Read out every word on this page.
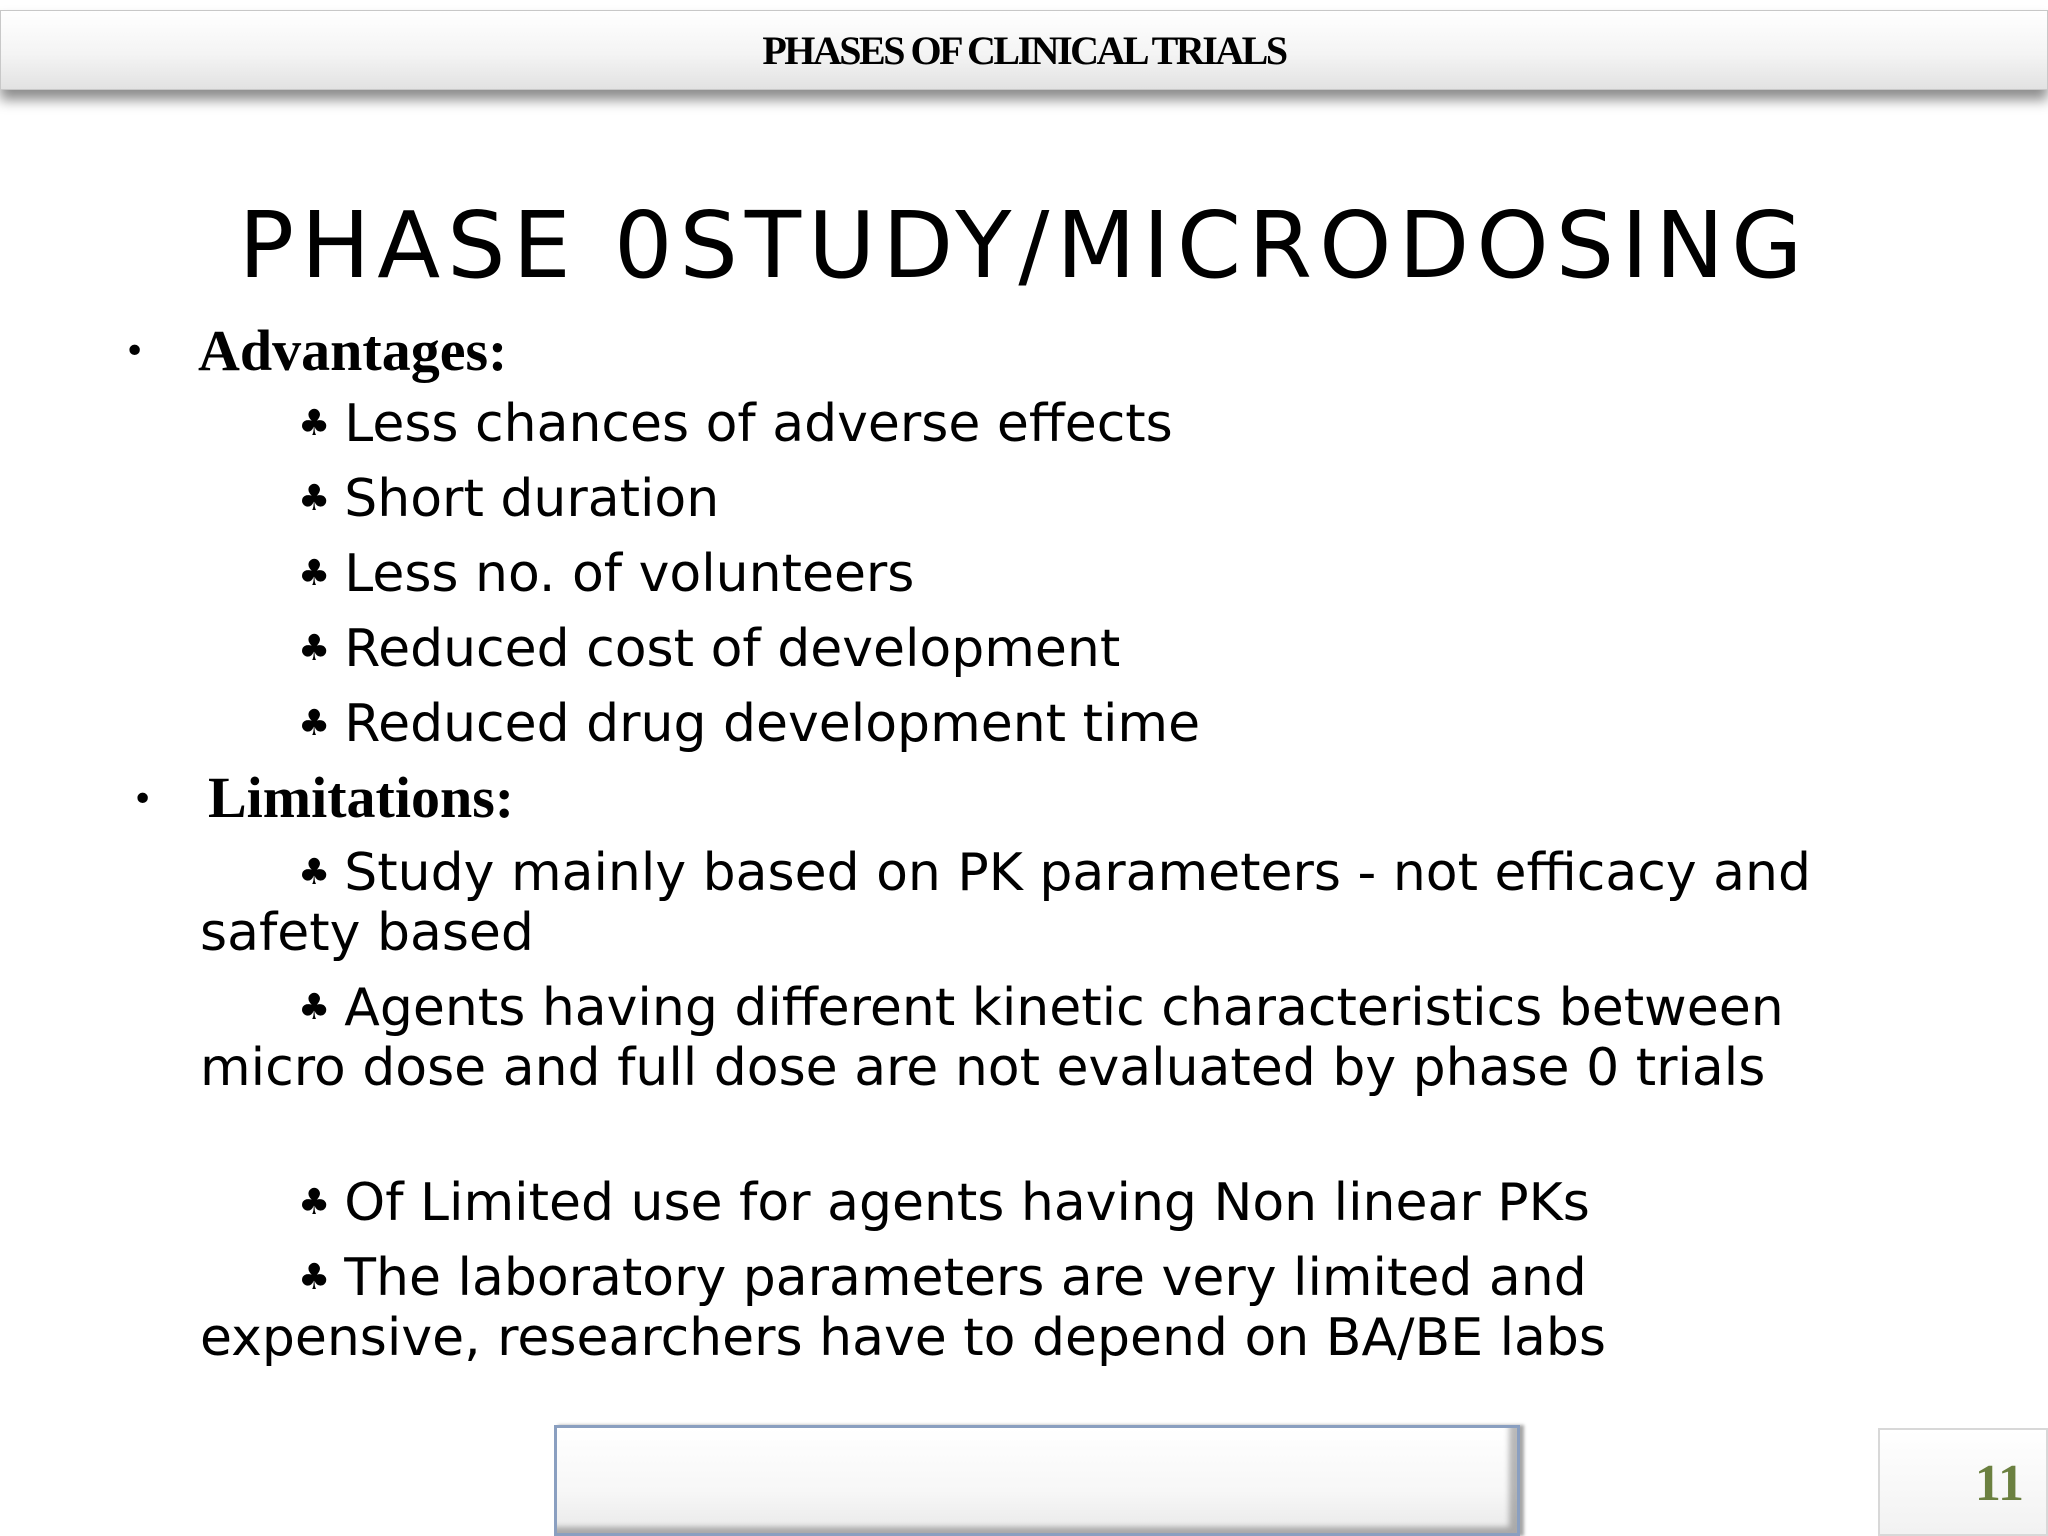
PHASES OF CLINICAL TRIALS
PHASE 0STUDY/MICRODOSING
• Advantages:
♣ Less chances of adverse effects
♣ Short duration
♣ Less no. of volunteers
♣ Reduced cost of development
♣ Reduced drug development time
• Limitations:
♣ Study mainly based on PK parameters - not efficacy and safety based
♣ Agents having different kinetic characteristics between micro dose and full dose are not evaluated by phase 0 trials
♣ Of Limited use for agents having Non linear PKs
♣ The laboratory parameters are very limited and expensive, researchers have to depend on BA/BE labs
11
